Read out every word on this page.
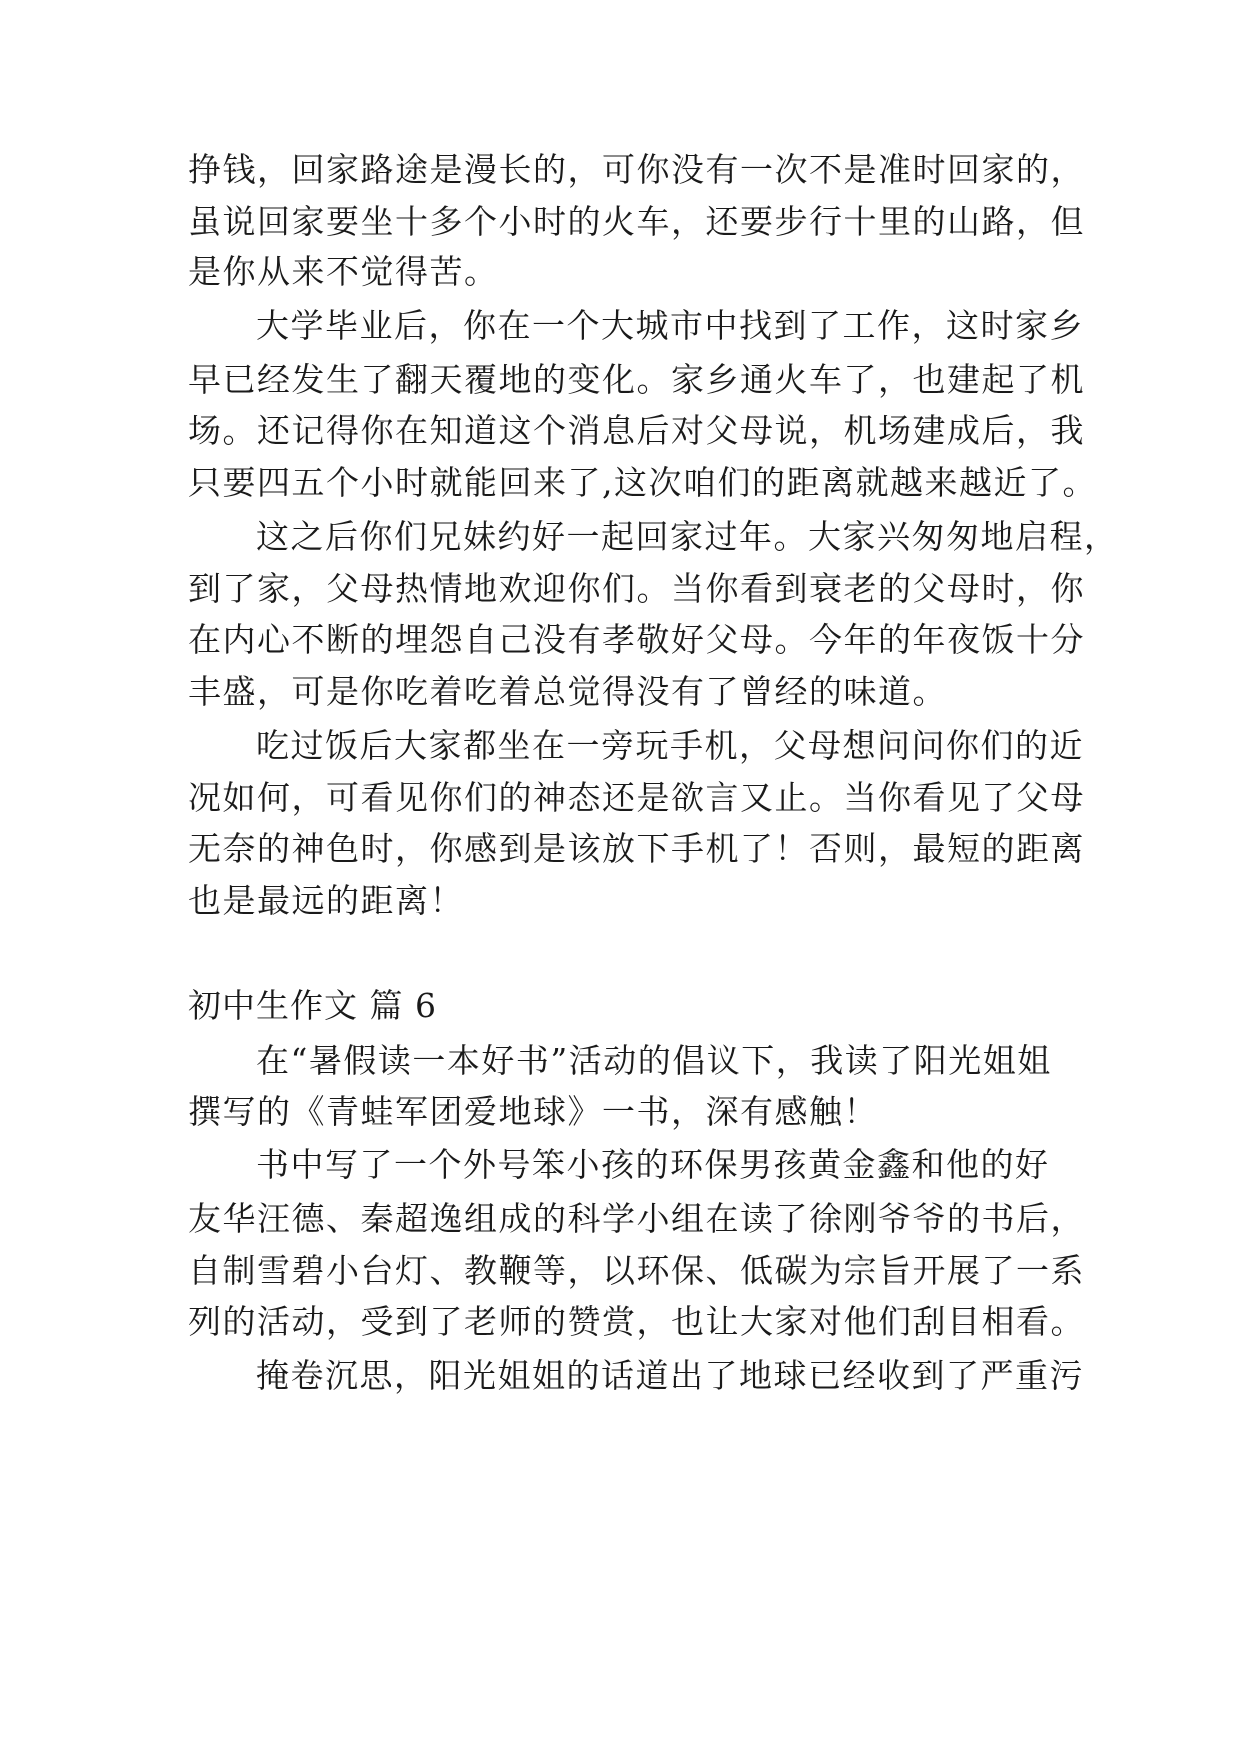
挣钱，回家路途是漫长的，可你没有一次不是准时回家的，
虽说回家要坐十多个小时的火车，还要步行十里的山路，但
是你从来不觉得苦。
大学毕业后，你在一个大城市中找到了工作，这时家乡
早已经发生了翻天覆地的变化。家乡通火车了，也建起了机
场。还记得你在知道这个消息后对父母说，机场建成后，我
只要四五个小时就能回来了,这次咱们的距离就越来越近了。
这之后你们兄妹约好一起回家过年。大家兴匆匆地启程，
到了家，父母热情地欢迎你们。当你看到衰老的父母时，你
在内心不断的埋怨自己没有孝敬好父母。今年的年夜饭十分
丰盛，可是你吃着吃着总觉得没有了曾经的味道。
吃过饭后大家都坐在一旁玩手机，父母想问问你们的近
况如何，可看见你们的神态还是欲言又止。当你看见了父母
无奈的神色时，你感到是该放下手机了！否则，最短的距离
也是最远的距离！
初中生作文 篇 6
在“暑假读一本好书”活动的倡议下，我读了阳光姐姐
撰写的《青蛙军团爱地球》一书，深有感触！
书中写了一个外号笨小孩的环保男孩黄金鑫和他的好
友华汪德、秦超逸组成的科学小组在读了徐刚爷爷的书后，
自制雪碧小台灯、教鞭等，以环保、低碳为宗旨开展了一系
列的活动，受到了老师的赞赏，也让大家对他们刮目相看。
掩卷沉思，阳光姐姐的话道出了地球已经收到了严重污
